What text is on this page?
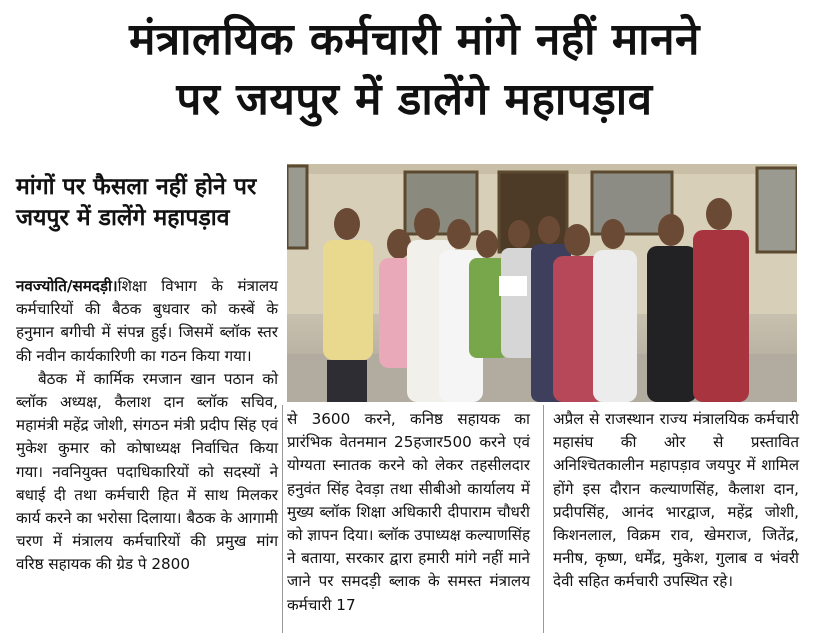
मंत्रालयिक कर्मचारी मांगे नहीं मानने
पर जयपुर में डालेंगे महापड़ाव
मांगों पर फैसला नहीं होने पर जयपुर में डालेंगे महापड़ाव

नवज्योति/समदड़ी।शिक्षा विभाग के मंत्रालय कर्मचारियों की बैठक बुधवार को कस्बें के हनुमान बगीची में संपन्न हुई। जिसमें ब्लॉक स्तर की नवीन कार्यकारिणी का गठन किया गया।

बैठक में कार्मिक रमजान खान पठान को ब्लॉक अध्यक्ष, कैलाश दान ब्लॉक सचिव, महामंत्री महेंद्र जोशी, संगठन मंत्री प्रदीप सिंह एवं मुकेश कुमार को कोषाध्यक्ष निर्वाचित किया गया। नवनियुक्त पदाधिकारियों को सदस्यों ने बधाई दी तथा कर्मचारी हित में साथ मिलकर कार्य करने का भरोसा दिलाया। बैठक के आगामी चरण में मंत्रालय कर्मचारियों की प्रमुख मांग वरिष्ठ सहायक की ग्रेड पे 2800

से 3600 करने, कनिष्ठ सहायक का प्रारंभिक वेतनमान 25हजार500 करने एवं योग्यता स्नातक करने को लेकर तहसीलदार हनुवंत सिंह देवड़ा तथा सीबीओ कार्यालय में मुख्य ब्लॉक शिक्षा अधिकारी दीपाराम चौधरी को ज्ञापन दिया। ब्लॉक उपाध्यक्ष कल्याणसिंह ने बताया, सरकार द्वारा हमारी मांगे नहीं माने जाने पर समदड़ी ब्लाक के समस्त मंत्रालय कर्मचारी 17
अप्रैल से राजस्थान राज्य मंत्रालयिक कर्मचारी महासंघ की ओर से प्रस्तावित अनिश्चितकालीन महापड़ाव जयपुर में शामिल होंगे इस दौरान कल्याणसिंह, कैलाश दान, प्रदीपसिंह, आनंद भारद्वाज, महेंद्र जोशी, किशनलाल, विक्रम राव, खेमराज, जितेंद्र, मनीष, कृष्ण, धर्मेंद्र, मुकेश, गुलाब व भंवरी देवी सहित कर्मचारी उपस्थित रहे।
